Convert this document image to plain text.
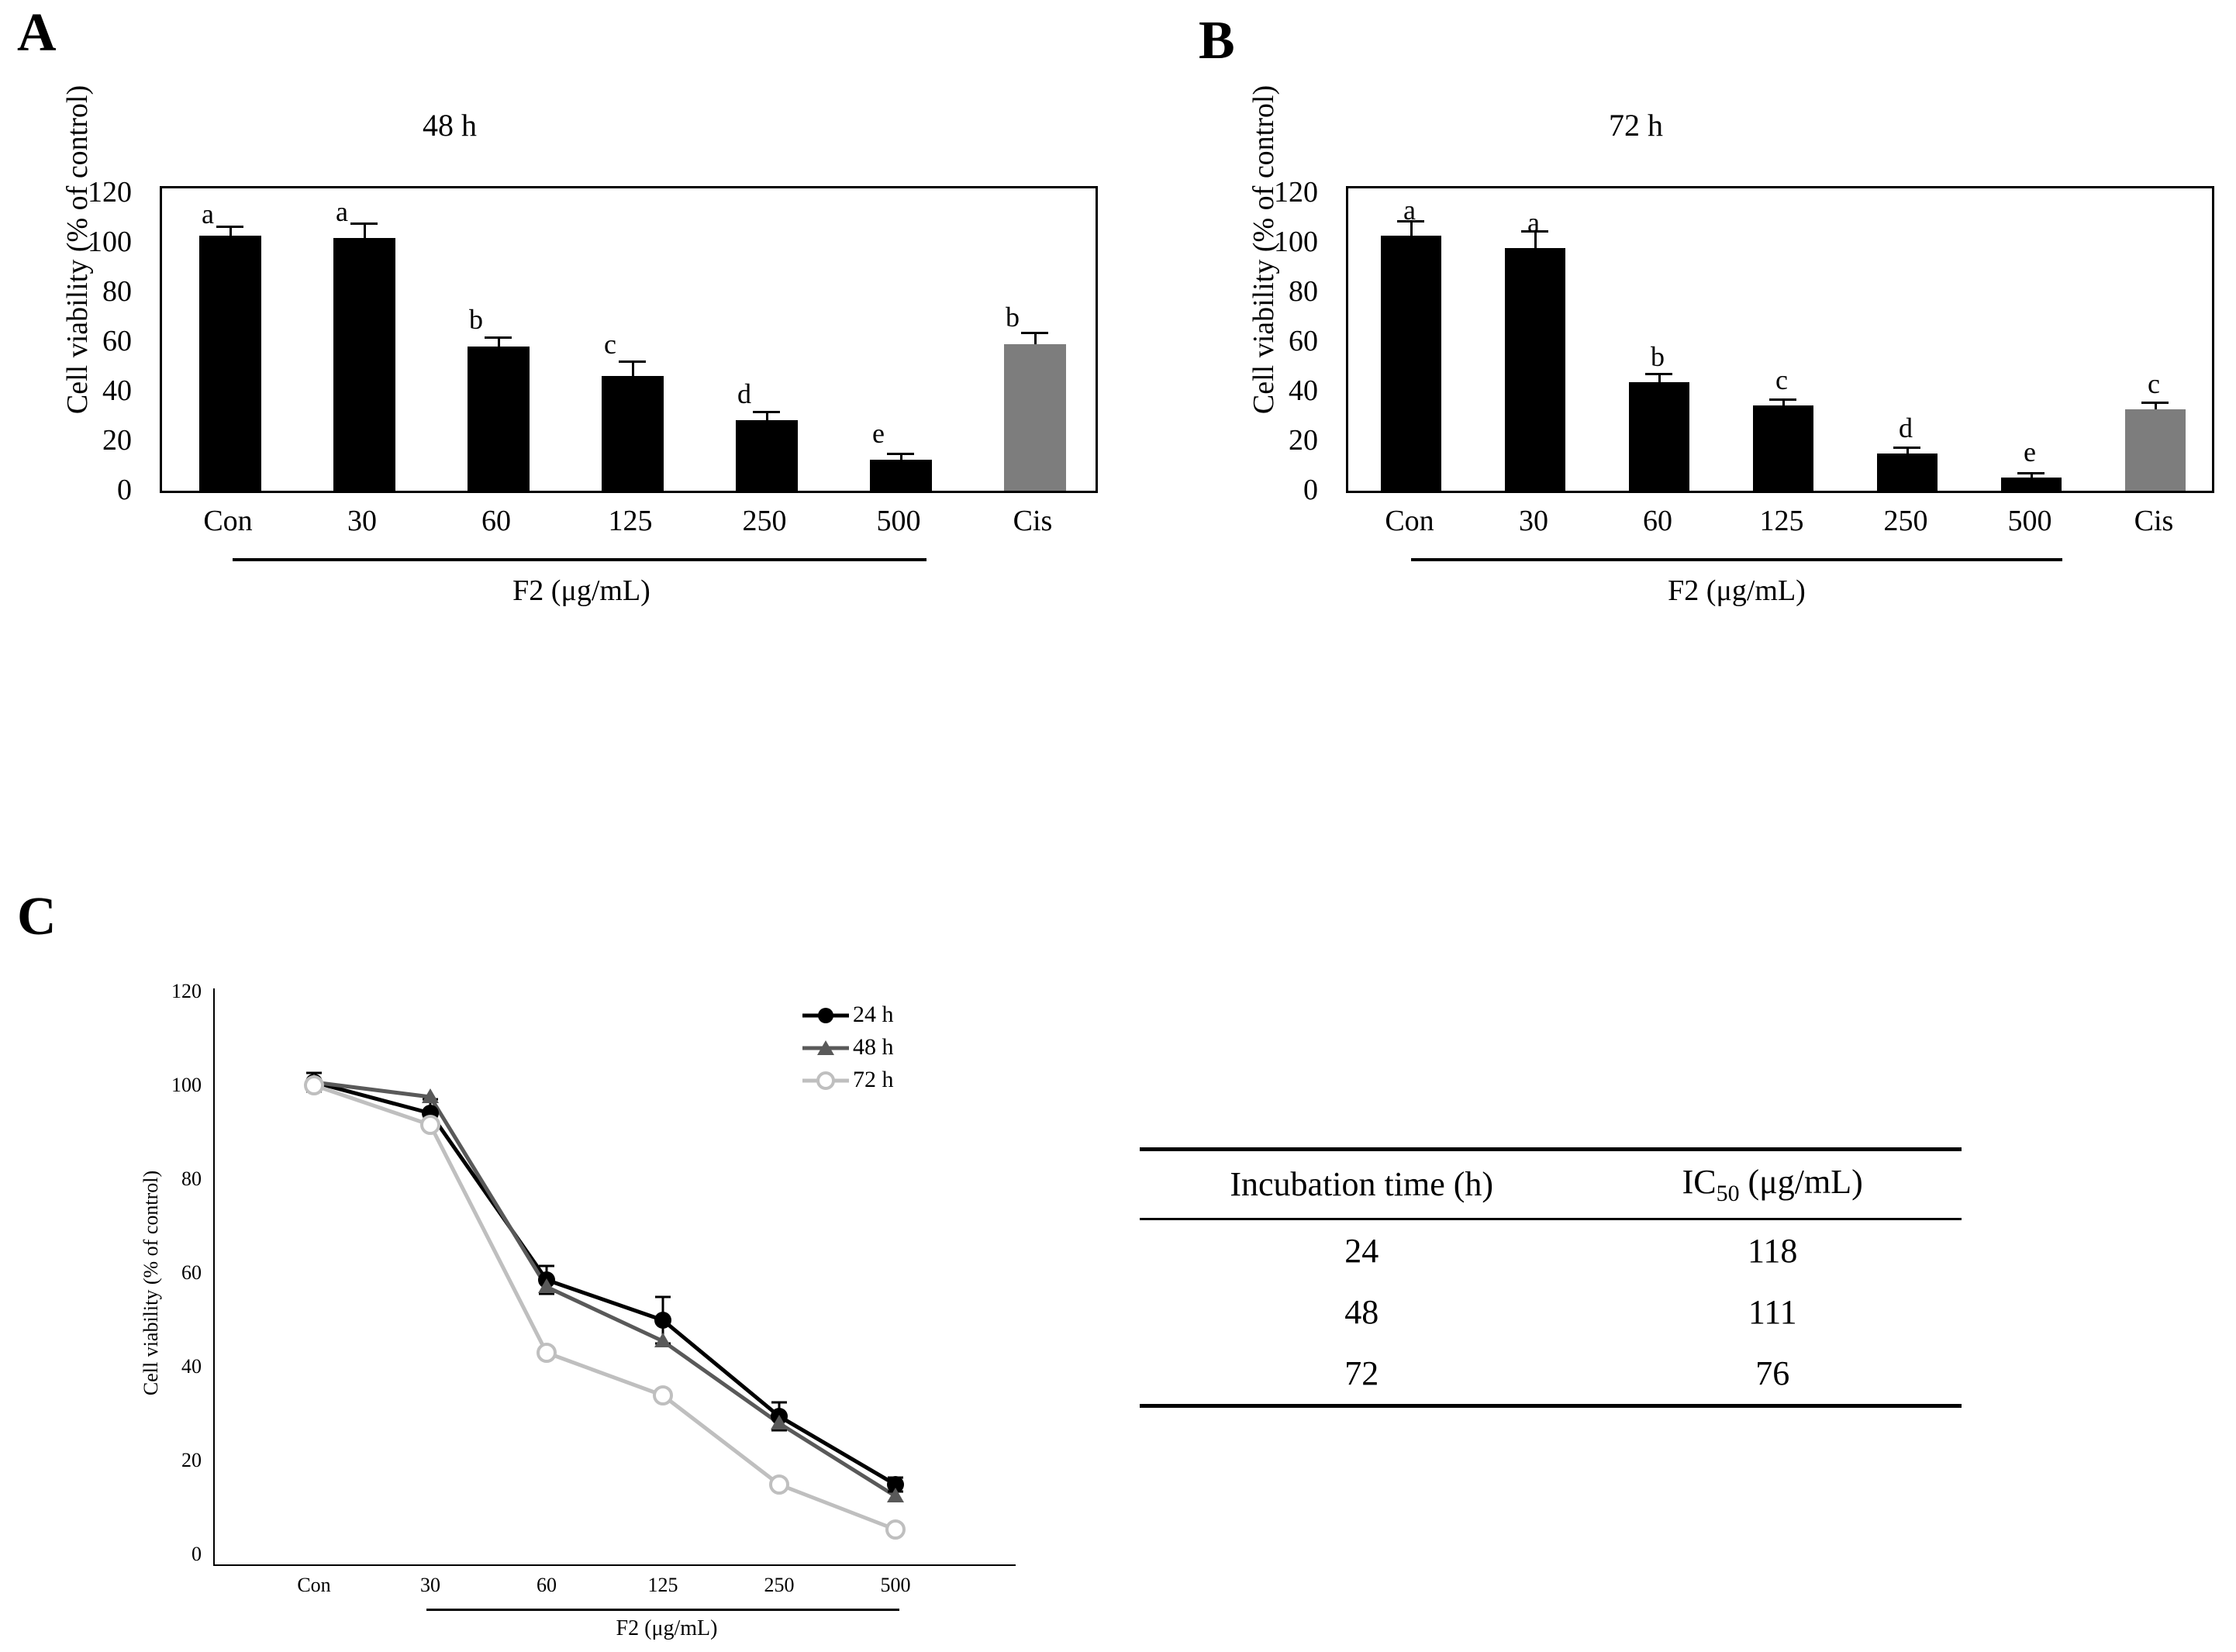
A
48 h
Cell viability (% of control)
120
100
80
60
40
20
0
a	a
b
c
d
e
b
Con	30	60	125	250	500	Cis
F2 (μg/mL)
B
72 h
Cell viability (% of control)
120
100
80
60
40
20
0
a	a
b
c
d
e
c
Con	30	60	125	250	500	Cis
F2 (μg/mL)
C
Cell viability (% of control)
120
100
80
60
40
20
0
24 h
48 h
72 h
Con	30	60	125	250	500
F2 (μg/mL)
Incubation time (h)	$IC_{50}$ (μg/mL)
24	118
48	111
72	76
